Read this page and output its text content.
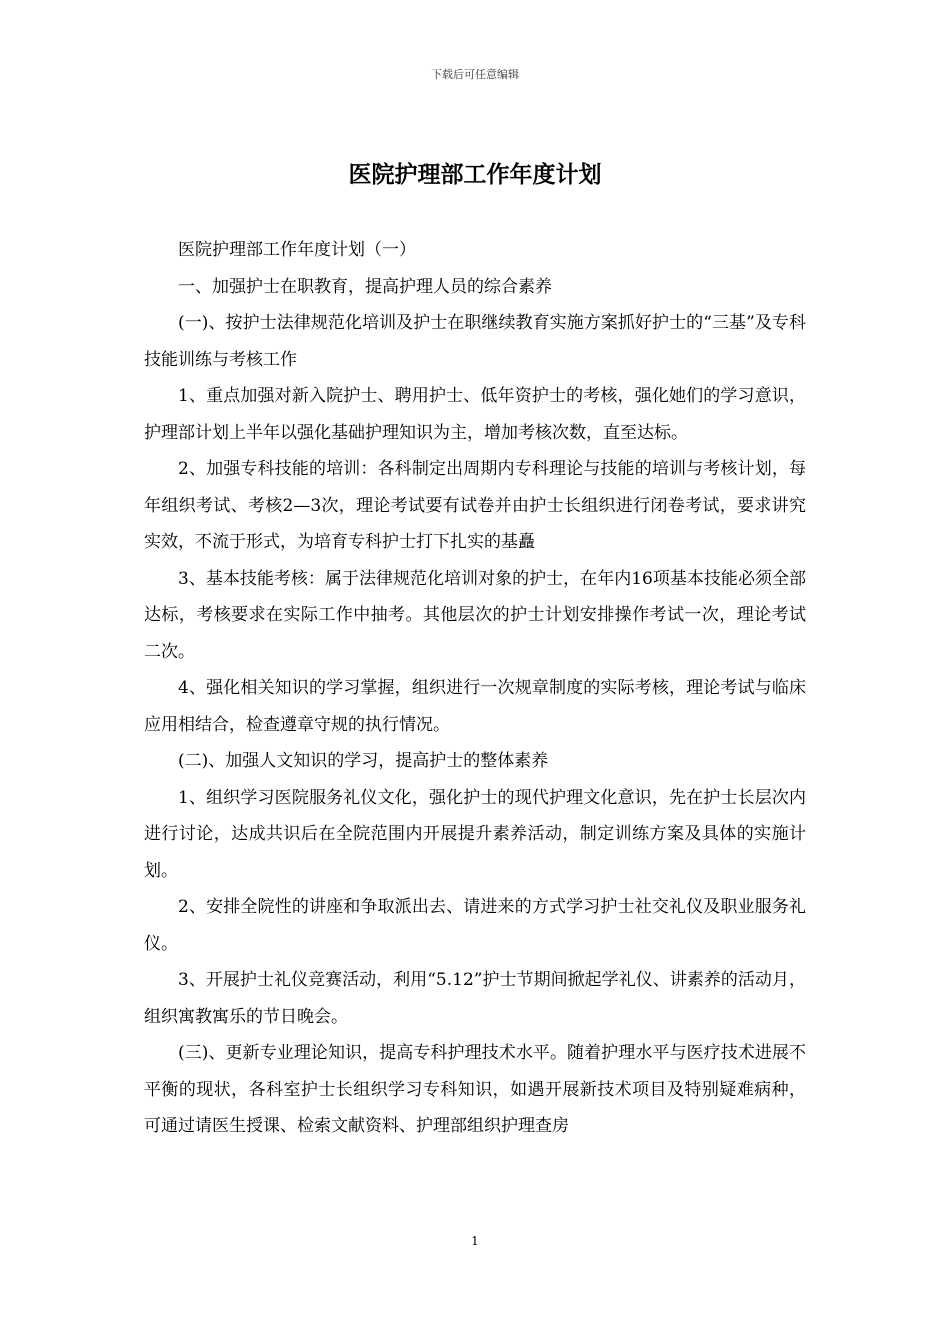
下载后可任意编辑
医院护理部工作年度计划

医院护理部工作年度计划（一）

一、加强护士在职教育，提高护理人员的综合素养

(一)、按护士法律规范化培训及护士在职继续教育实施方案抓好护士的“三基”及专科技能训练与考核工作

1、重点加强对新入院护士、聘用护士、低年资护士的考核，强化她们的学习意识，护理部计划上半年以强化基础护理知识为主，增加考核次数，直至达标。

2、加强专科技能的培训：各科制定出周期内专科理论与技能的培训与考核计划，每年组织考试、考核2—3次，理论考试要有试卷并由护士长组织进行闭卷考试，要求讲究实效，不流于形式，为培育专科护士打下扎实的基矗

3、基本技能考核：属于法律规范化培训对象的护士，在年内16项基本技能必须全部达标，考核要求在实际工作中抽考。其他层次的护士计划安排操作考试一次，理论考试二次。

4、强化相关知识的学习掌握，组织进行一次规章制度的实际考核，理论考试与临床应用相结合，检查遵章守规的执行情况。

(二)、加强人文知识的学习，提高护士的整体素养

1、组织学习医院服务礼仪文化，强化护士的现代护理文化意识，先在护士长层次内进行讨论，达成共识后在全院范围内开展提升素养活动，制定训练方案及具体的实施计划。

2、安排全院性的讲座和争取派出去、请进来的方式学习护士社交礼仪及职业服务礼仪。

3、开展护士礼仪竞赛活动，利用“5.12”护士节期间掀起学礼仪、讲素养的活动月，组织寓教寓乐的节日晚会。

(三)、更新专业理论知识，提高专科护理技术水平。随着护理水平与医疗技术进展不平衡的现状，各科室护士长组织学习专科知识，如遇开展新技术项目及特别疑难病种，可通过请医生授课、检索文献资料、护理部组织护理查房

1
